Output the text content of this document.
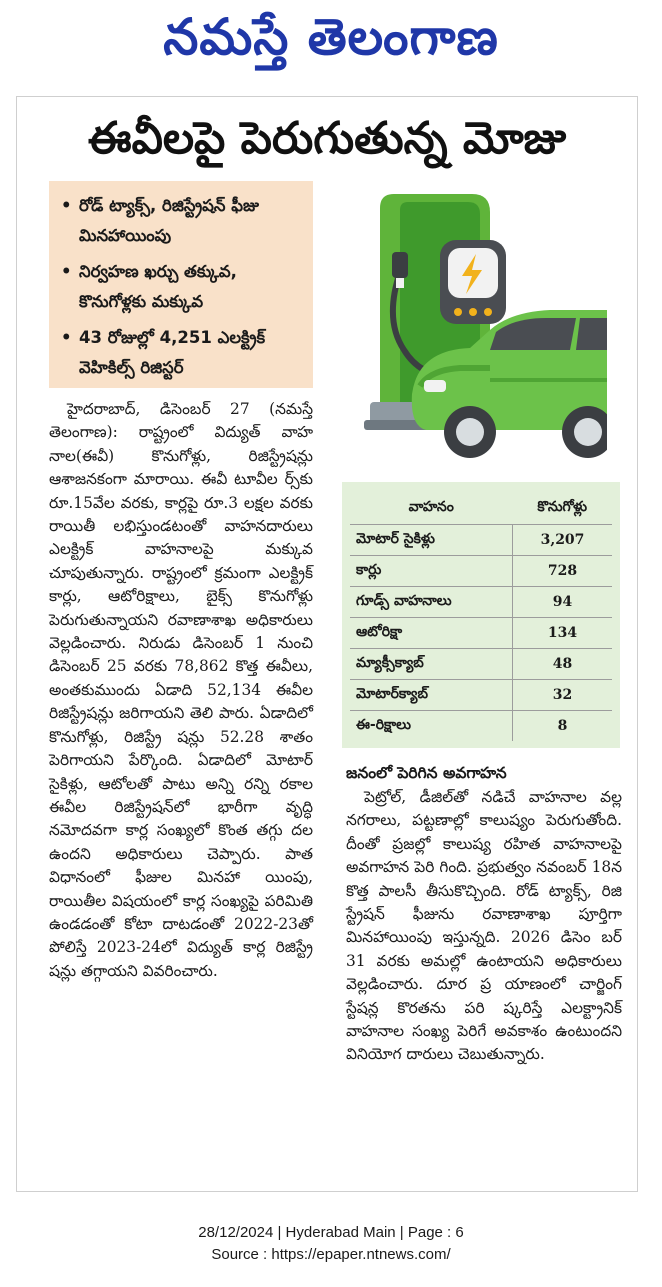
నమస్తే తెలంగాణ
ఈవీలపై పెరుగుతున్న మోజు
• రోడ్ ట్యాక్స్, రిజిస్ట్రేషన్ ఫీజు మినహాయింపు
• నిర్వహణ ఖర్చు తక్కువ, కొనుగోళ్లకు మక్కువ
• 43 రోజుల్లో 4,251 ఎలక్ట్రిక్ వెహికిల్స్ రిజిస్టర్

హైదరాబాద్, డిసెంబర్ 27 (నమస్తే తెలంగాణ): రాష్ట్రంలో విద్యుత్ వాహ నాల(ఈవీ) కొనుగోళ్లు, రిజిస్ట్రేషన్లు ఆశాజనకంగా మారాయి. ఈవీ టూవీల ర్స్‌కు రూ.15వేల వరకు, కార్లపై రూ.3 లక్షల వరకు రాయితీ లభిస్తుండటంతో వాహనదారులు ఎలక్ట్రిక్ వాహనాలపై మక్కువ చూపుతున్నారు. రాష్ట్రంలో క్రమంగా ఎలక్ట్రిక్ కార్లు, ఆటోరిక్షాలు, బైక్స్ కొనుగోళ్లు పెరుగుతున్నాయని రవాణాశాఖ అధికారులు వెల్లడించారు. నిరుడు డిసెంబర్ 1 నుంచి డిసెంబర్ 25 వరకు 78,862 కొత్త ఈవీలు, అంతకుముందు ఏడాది 52,134 ఈవీల రిజిస్ట్రేషన్లు జరిగాయని తెలి పారు. ఏడాదిలో కొనుగోళ్లు, రిజిస్ట్రే షన్లు 52.28 శాతం పెరిగాయని పేర్కొంది. ఏడాదిలో మోటార్ సైకిళ్లు, ఆటోలతో పాటు అన్ని రన్ని రకాల ఈవీల రిజిస్ట్రేషన్‌లో భారీగా వృద్ధి నమోదవగా కార్ల సంఖ్యలో కొంత తగ్గు దల ఉందని అధికారులు చెప్పారు. పాత విధానంలో ఫీజుల మినహా యింపు, రాయితీల విషయంలో కార్ల సంఖ్యపై పరిమితి ఉండడంతో కోటా దాటడంతో 2022-23తో పోలిస్తే 2023-24లో విద్యుత్ కార్ల రిజిస్ట్రే షన్లు తగ్గాయని వివరించారు.

వాహనం	కొనుగోళ్లు
మోటార్ సైకిళ్లు	3,207
కార్లు	728
గూడ్స్ వాహనాలు	94
ఆటోరిక్షా	134
మ్యాక్సీక్యాబ్	48
మోటార్‌క్యాబ్	32
ఈ-రిక్షాలు	8
జనంలో పెరిగిన అవగాహన

పెట్రోల్, డీజిల్‌తో నడిచే వాహనాల వల్ల నగరాలు, పట్టణాల్లో కాలుష్యం పెరుగుతోంది. దీంతో ప్రజల్లో కాలుష్య రహిత వాహనాలపై అవగాహన పెరి గింది. ప్రభుత్వం నవంబర్ 18న కొత్త పాలసీ తీసుకొచ్చింది. రోడ్ ట్యాక్స్, రిజి స్ట్రేషన్ ఫీజును రవాణాశాఖ పూర్తిగా మినహాయింపు ఇస్తున్నది. 2026 డిసెం బర్ 31 వరకు అమల్లో ఉంటాయని అధికారులు వెల్లడించారు. దూర ప్ర యాణంలో చార్జింగ్ స్టేషన్ల కొరతను పరి ష్కరిస్తే ఎలక్ట్రానిక్ వాహనాల సంఖ్య పెరిగే అవకాశం ఉంటుందని వినియోగ దారులు చెబుతున్నారు.

28/12/2024 | Hyderabad Main | Page : 6
Source : https://epaper.ntnews.com/
